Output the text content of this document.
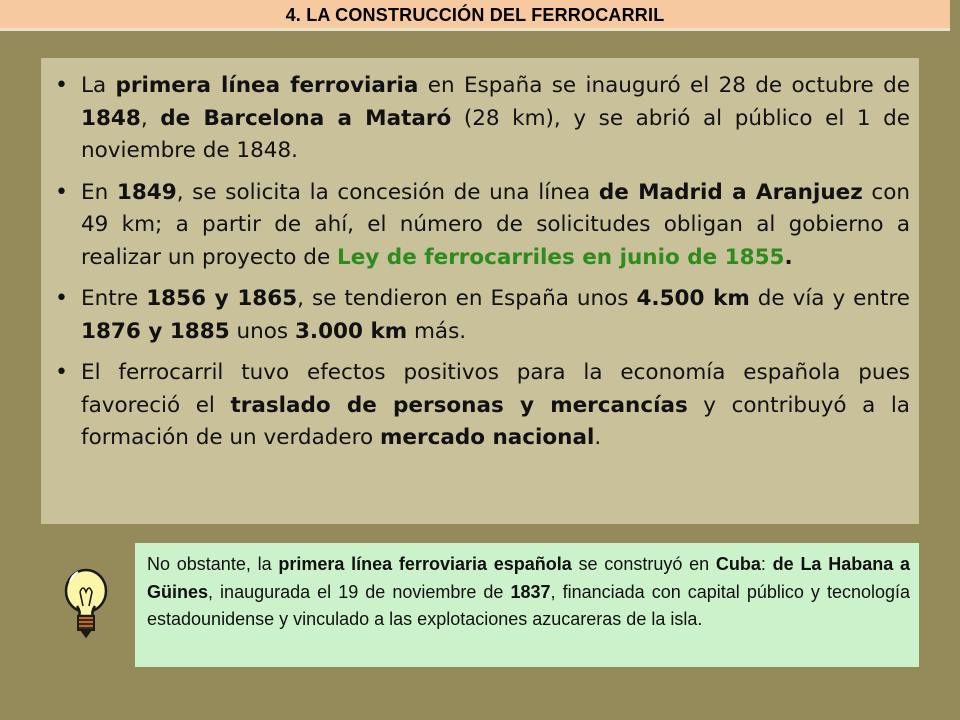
4. LA CONSTRUCCIÓN DEL FERROCARRIL
• La primera línea ferroviaria en España se inauguró el 28 de octubre de 1848, de Barcelona a Mataró (28 km), y se abrió al público el 1 de noviembre de 1848.
• En 1849, se solicita la concesión de una línea de Madrid a Aranjuez con 49 km; a partir de ahí, el número de solicitudes obligan al gobierno a realizar un proyecto de Ley de ferrocarriles en junio de 1855.
• Entre 1856 y 1865, se tendieron en España unos 4.500 km de vía y entre 1876 y 1885 unos 3.000 km más.
• El ferrocarril tuvo efectos positivos para la economía española pues favoreció el traslado de personas y mercancías y contribuyó a la formación de un verdadero mercado nacional.

No obstante, la primera línea ferroviaria española se construyó en Cuba: de La Habana a Güines, inaugurada el 19 de noviembre de 1837, financiada con capital público y tecnología estadounidense y vinculado a las explotaciones azucareras de la isla.
